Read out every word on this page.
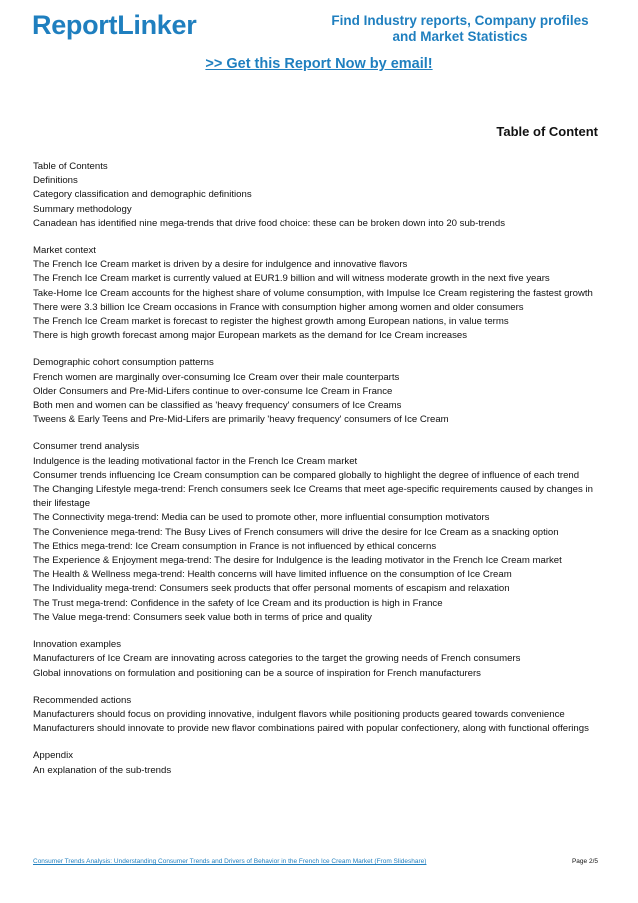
ReportLinker	Find Industry reports, Company profiles
and Market Statistics
>> Get this Report Now by email!
Table of Content
Table of Contents
Definitions
Category classification and demographic definitions
Summary methodology
Canadean has identified nine mega-trends that drive food choice: these can be broken down into 20 sub-trends
Market context
The French Ice Cream market is driven by a desire for indulgence and innovative flavors
The French Ice Cream market is currently valued at EUR1.9 billion and will witness moderate growth in the next five years
Take-Home Ice Cream accounts for the highest share of volume consumption, with Impulse Ice Cream registering the fastest growth
There were 3.3 billion Ice Cream occasions in France with consumption higher among women and older consumers
The French Ice Cream market is forecast to register the highest growth among European nations, in value terms
There is high growth forecast among major European markets as the demand for Ice Cream increases
Demographic cohort consumption patterns
French women are marginally over-consuming Ice Cream over their male counterparts
Older Consumers and Pre-Mid-Lifers continue to over-consume Ice Cream in France
Both men and women can be classified as 'heavy frequency' consumers of Ice Creams
Tweens & Early Teens and Pre-Mid-Lifers are primarily 'heavy frequency' consumers of Ice Cream
Consumer trend analysis
Indulgence is the leading motivational factor in the French Ice Cream market
Consumer trends influencing Ice Cream consumption can be compared globally to highlight the degree of influence of each trend
The Changing Lifestyle mega-trend: French consumers seek Ice Creams that meet age-specific requirements caused by changes in
their lifestage
The Connectivity mega-trend: Media can be used to promote other, more influential consumption motivators
The Convenience mega-trend: The Busy Lives of French consumers will drive the desire for Ice Cream as a snacking option
The Ethics mega-trend: Ice Cream consumption in France is not influenced by ethical concerns
The Experience & Enjoyment mega-trend: The desire for Indulgence is the leading motivator in the French Ice Cream market
The Health & Wellness mega-trend: Health concerns will have limited influence on the consumption of Ice Cream
The Individuality mega-trend: Consumers seek products that offer personal moments of escapism and relaxation
The Trust mega-trend: Confidence in the safety of Ice Cream and its production is high in France
The Value mega-trend: Consumers seek value both in terms of price and quality
Innovation examples
Manufacturers of Ice Cream are innovating across categories to the target the growing needs of French consumers
Global innovations on formulation and positioning can be a source of inspiration for French manufacturers
Recommended actions
Manufacturers should focus on providing innovative, indulgent flavors while positioning products geared towards convenience
Manufacturers should innovate to provide new flavor combinations paired with popular confectionery, along with functional offerings
Appendix
An explanation of the sub-trends
Consumer Trends Analysis: Understanding Consumer Trends and Drivers of Behavior in the French Ice Cream Market (From Slideshare)	Page 2/5
